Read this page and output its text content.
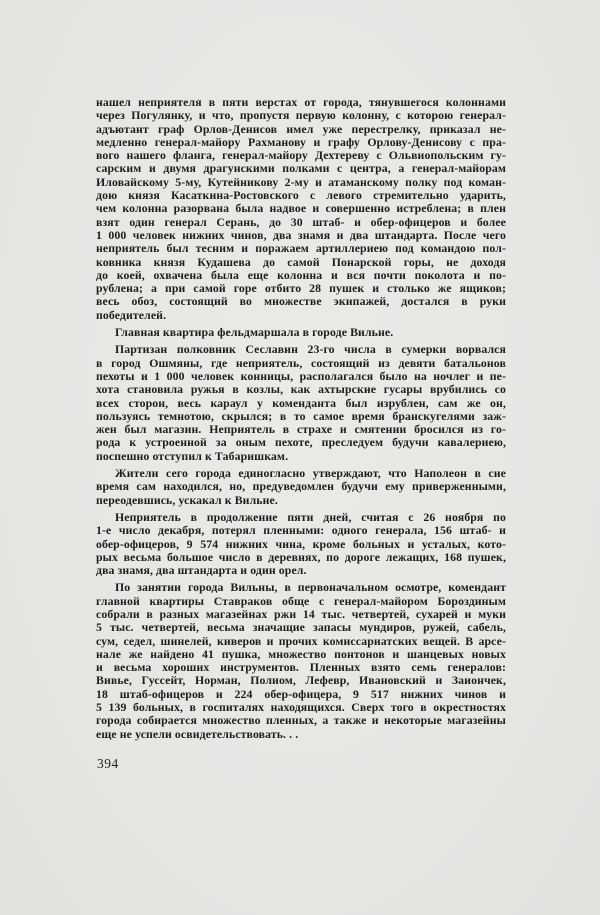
нашел неприятеля в пяти верстах от города, тянувшегося колоннами
через Погулянку, и что, пропустя первую колонну, с которою генерал-
адъютант граф Орлов-Денисов имел уже перестрелку, приказал не-
медленно генерал-майору Рахманову и графу Орлову-Денисову с пра-
вого нашего фланга, генерал-майору Дехтереву с Ольвиопольским гу-
сарским и двумя драгунскими полками с центра, а генерал-майорам
Иловайскому 5-му, Кутейникову 2-му и атаманскому полку под коман-
дою князя Касаткина-Ростовского с левого стремительно ударить,
чем колонна разорвана была надвое и совершенно истреблена; в плен
взят один генерал Серань, до 30 штаб- и обер-офицеров и более
1 000 человек нижних чинов, два знамя и два штандарта. После чего
неприятель был тесним и поражаем артиллериею под командою пол-
ковника князя Кудашева до самой Понарской горы, не доходя
до коей, охвачена была еще колонна и вся почти поколота и по-
рублена; а при самой горе отбито 28 пушек и столько же ящиков;
весь обоз, состоящий во множестве экипажей, достался в руки
победителей.

Главная квартира фельдмаршала в городе Вильне.

Партизан полковник Сеславин 23-го числа в сумерки ворвался
в город Ошмяны, где неприятель, состоящий из девяти батальонов
пехоты и 1 000 человек конницы, располагался было на ночлег и пе-
хота становила ружья в козлы, как ахтырские гусары врубились со
всех сторон, весь караул у коменданта был изрублен, сам же он,
пользуясь темнотою, скрылся; в то самое время бранскугелями заж-
жен был магазин. Неприятель в страхе и смятении бросился из го-
рода к устроенной за оным пехоте, преследуем будучи кавалериею,
поспешно отступил к Табаришкам.

Жители сего города единогласно утверждают, что Наполеон в сие
время сам находился, но, предуведомлен будучи ему приверженными,
переодевшись, ускакал к Вильне.

Неприятель в продолжение пяти дней, считая с 26 ноября по
1-е число декабря, потерял пленными: одного генерала, 156 штаб- и
обер-офицеров, 9 574 нижних чина, кроме больных и усталых, кото-
рых весьма большое число в деревнях, по дороге лежащих, 168 пушек,
два знамя, два штандарта и один орел.

По занятии города Вильны, в первоначальном осмотре, комендант
главной квартиры Ставраков обще с генерал-майором Бороздиным
собрали в разных магазейнах ржи 14 тыс. четвертей, сухарей и муки
5 тыс. четвертей, весьма значащие запасы мундиров, ружей, сабель,
сум, седел, шинелей, киверов и прочих комиссариатских вещей. В арсе-
нале же найдено 41 пушка, множество понтонов и шанцевых новых
и весьма хороших инструментов. Пленных взято семь генералов:
Вивье, Гуссейт, Норман, Полиом, Лефевр, Ивановский и Заиончек,
18 штаб-офицеров и 224 обер-офицера, 9 517 нижних чинов и
5 139 больных, в госпиталях находящихся. Сверх того в окрестностях
города собирается множество пленных, а также и некоторые магазейны
еще не успели освидетельствовать. . .

394
